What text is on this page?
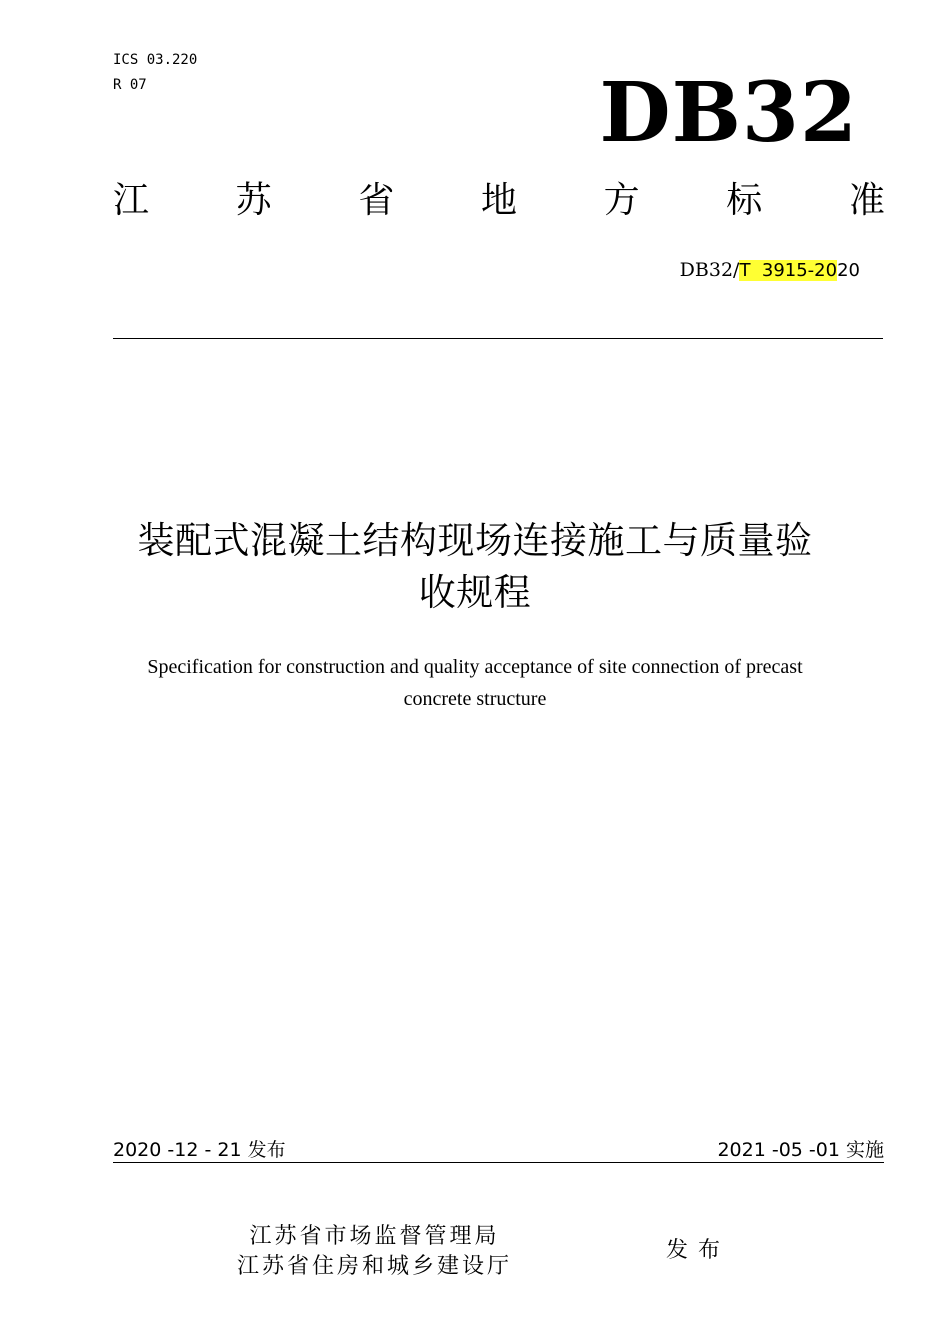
ICS 03.220
R 07	DB32
江 苏 省 地 方 标 准
DB32/T  3915-2020
装配式混凝土结构现场连接施工与质量验
收规程
Specification for construction and quality acceptance of site connection of precast
concrete structure
2020 -12 - 21 发布	2021 -05 -01 实施
江苏省市场监督管理局
江苏省住房和城乡建设厅
发布
